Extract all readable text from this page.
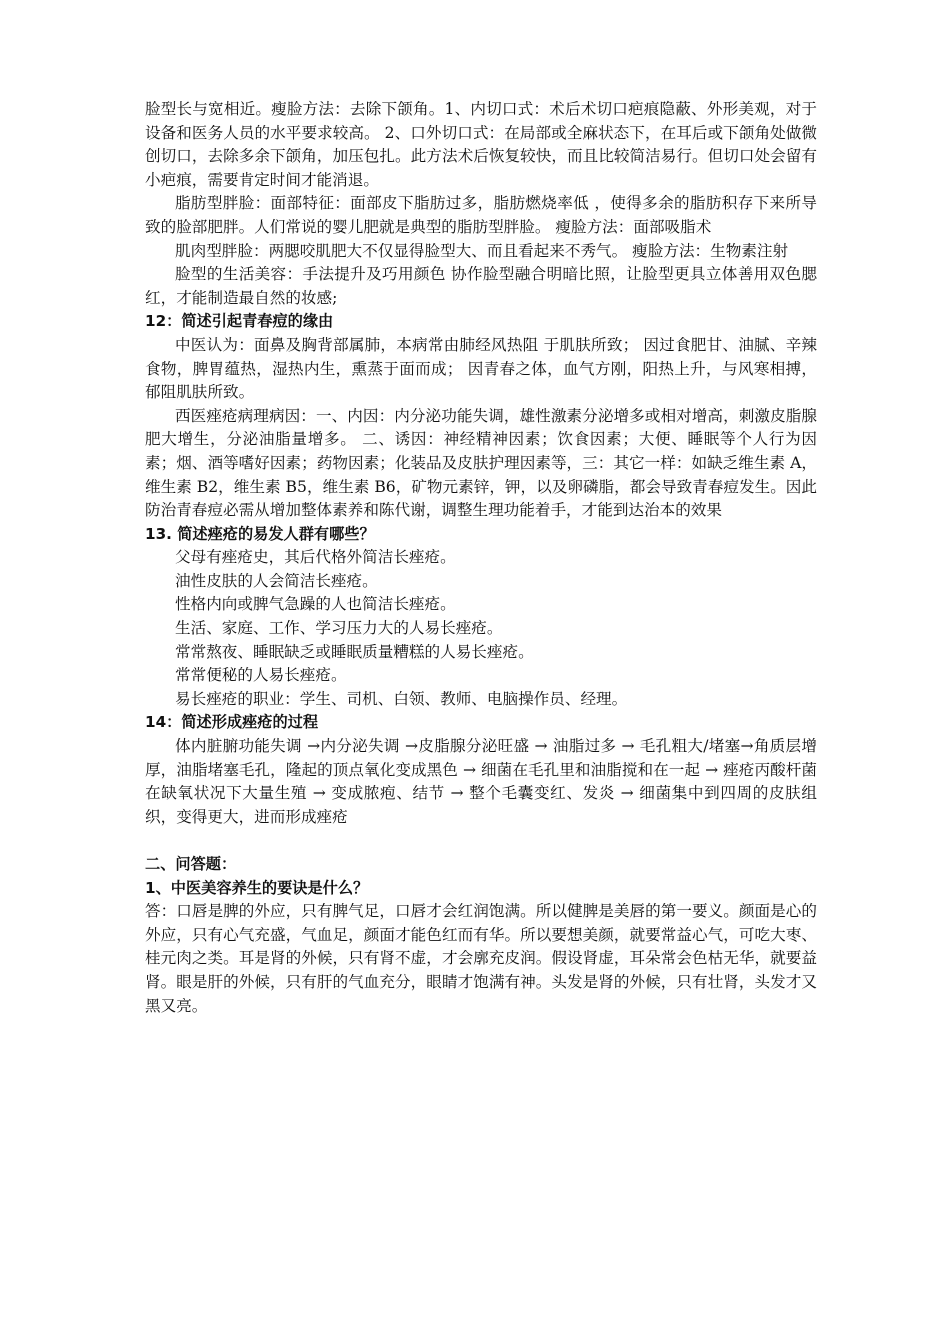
脸型长与宽相近。瘦脸方法：去除下颌角。1、内切口式：术后术切口疤痕隐蔽、外形美观，对于设备和医务人员的水平要求较高。 2、口外切口式：在局部或全麻状态下，在耳后或下颌角处做微创切口，去除多余下颌角，加压包扎。此方法术后恢复较快，而且比较简洁易行。但切口处会留有小疤痕，需要肯定时间才能消退。

脂肪型胖脸：面部特征：面部皮下脂肪过多，脂肪燃烧率低 ，使得多余的脂肪积存下来所导致的脸部肥胖。人们常说的婴儿肥就是典型的脂肪型胖脸。 瘦脸方法：面部吸脂术

肌肉型胖脸：两腮咬肌肥大不仅显得脸型大、而且看起来不秀气。 瘦脸方法：生物素注射

脸型的生活美容：手法提升及巧用颜色 协作脸型融合明暗比照，让脸型更具立体善用双色腮红，才能制造最自然的妆感;

12：简述引起青春痘的缘由

中医认为：面鼻及胸背部属肺，本病常由肺经风热阻 于肌肤所致； 因过食肥甘、油腻、辛辣食物，脾胃蕴热，湿热内生，熏蒸于面而成； 因青春之体，血气方刚，阳热上升，与风寒相搏，郁阻肌肤所致。

西医痤疮病理病因：一、内因：内分泌功能失调，雄性激素分泌增多或相对增高，刺激皮脂腺肥大增生，分泌油脂量增多。 二、诱因：神经精神因素；饮食因素；大便、睡眠等个人行为因素；烟、酒等嗜好因素；药物因素；化装品及皮肤护理因素等，三：其它一样：如缺乏维生素 A，维生素 B2，维生素 B5，维生素 B6，矿物元素锌，钾，以及卵磷脂，都会导致青春痘发生。因此防治青春痘必需从增加整体素养和陈代谢，调整生理功能着手，才能到达治本的效果

13. 简述痤疮的易发人群有哪些？

父母有痤疮史，其后代格外简洁长痤疮。

油性皮肤的人会简洁长痤疮。

性格内向或脾气急躁的人也简洁长痤疮。

生活、家庭、工作、学习压力大的人易长痤疮。

常常熬夜、睡眠缺乏或睡眠质量糟糕的人易长痤疮。

常常便秘的人易长痤疮。

易长痤疮的职业：学生、司机、白领、教师、电脑操作员、经理。

14：简述形成痤疮的过程

体内脏腑功能失调 →内分泌失调 →皮脂腺分泌旺盛 → 油脂过多 → 毛孔粗大/堵塞→角质层增厚，油脂堵塞毛孔，隆起的顶点氧化变成黑色 → 细菌在毛孔里和油脂搅和在一起 → 痤疮丙酸杆菌在缺氧状况下大量生殖 → 变成脓疱、结节 → 整个毛囊变红、发炎 → 细菌集中到四周的皮肤组织，变得更大，进而形成痤疮

二、问答题：
1、中医美容养生的要诀是什么？

答：口唇是脾的外应，只有脾气足，口唇才会红润饱满。所以健脾是美唇的第一要义。颜面是心的外应，只有心气充盛，气血足，颜面才能色红而有华。所以要想美颜，就要常益心气，可吃大枣、桂元肉之类。耳是肾的外候，只有肾不虚，才会廓充皮润。假设肾虚，耳朵常会色枯无华，就要益肾。眼是肝的外候，只有肝的气血充分，眼睛才饱满有神。头发是肾的外候，只有壮肾，头发才又黑又亮。
